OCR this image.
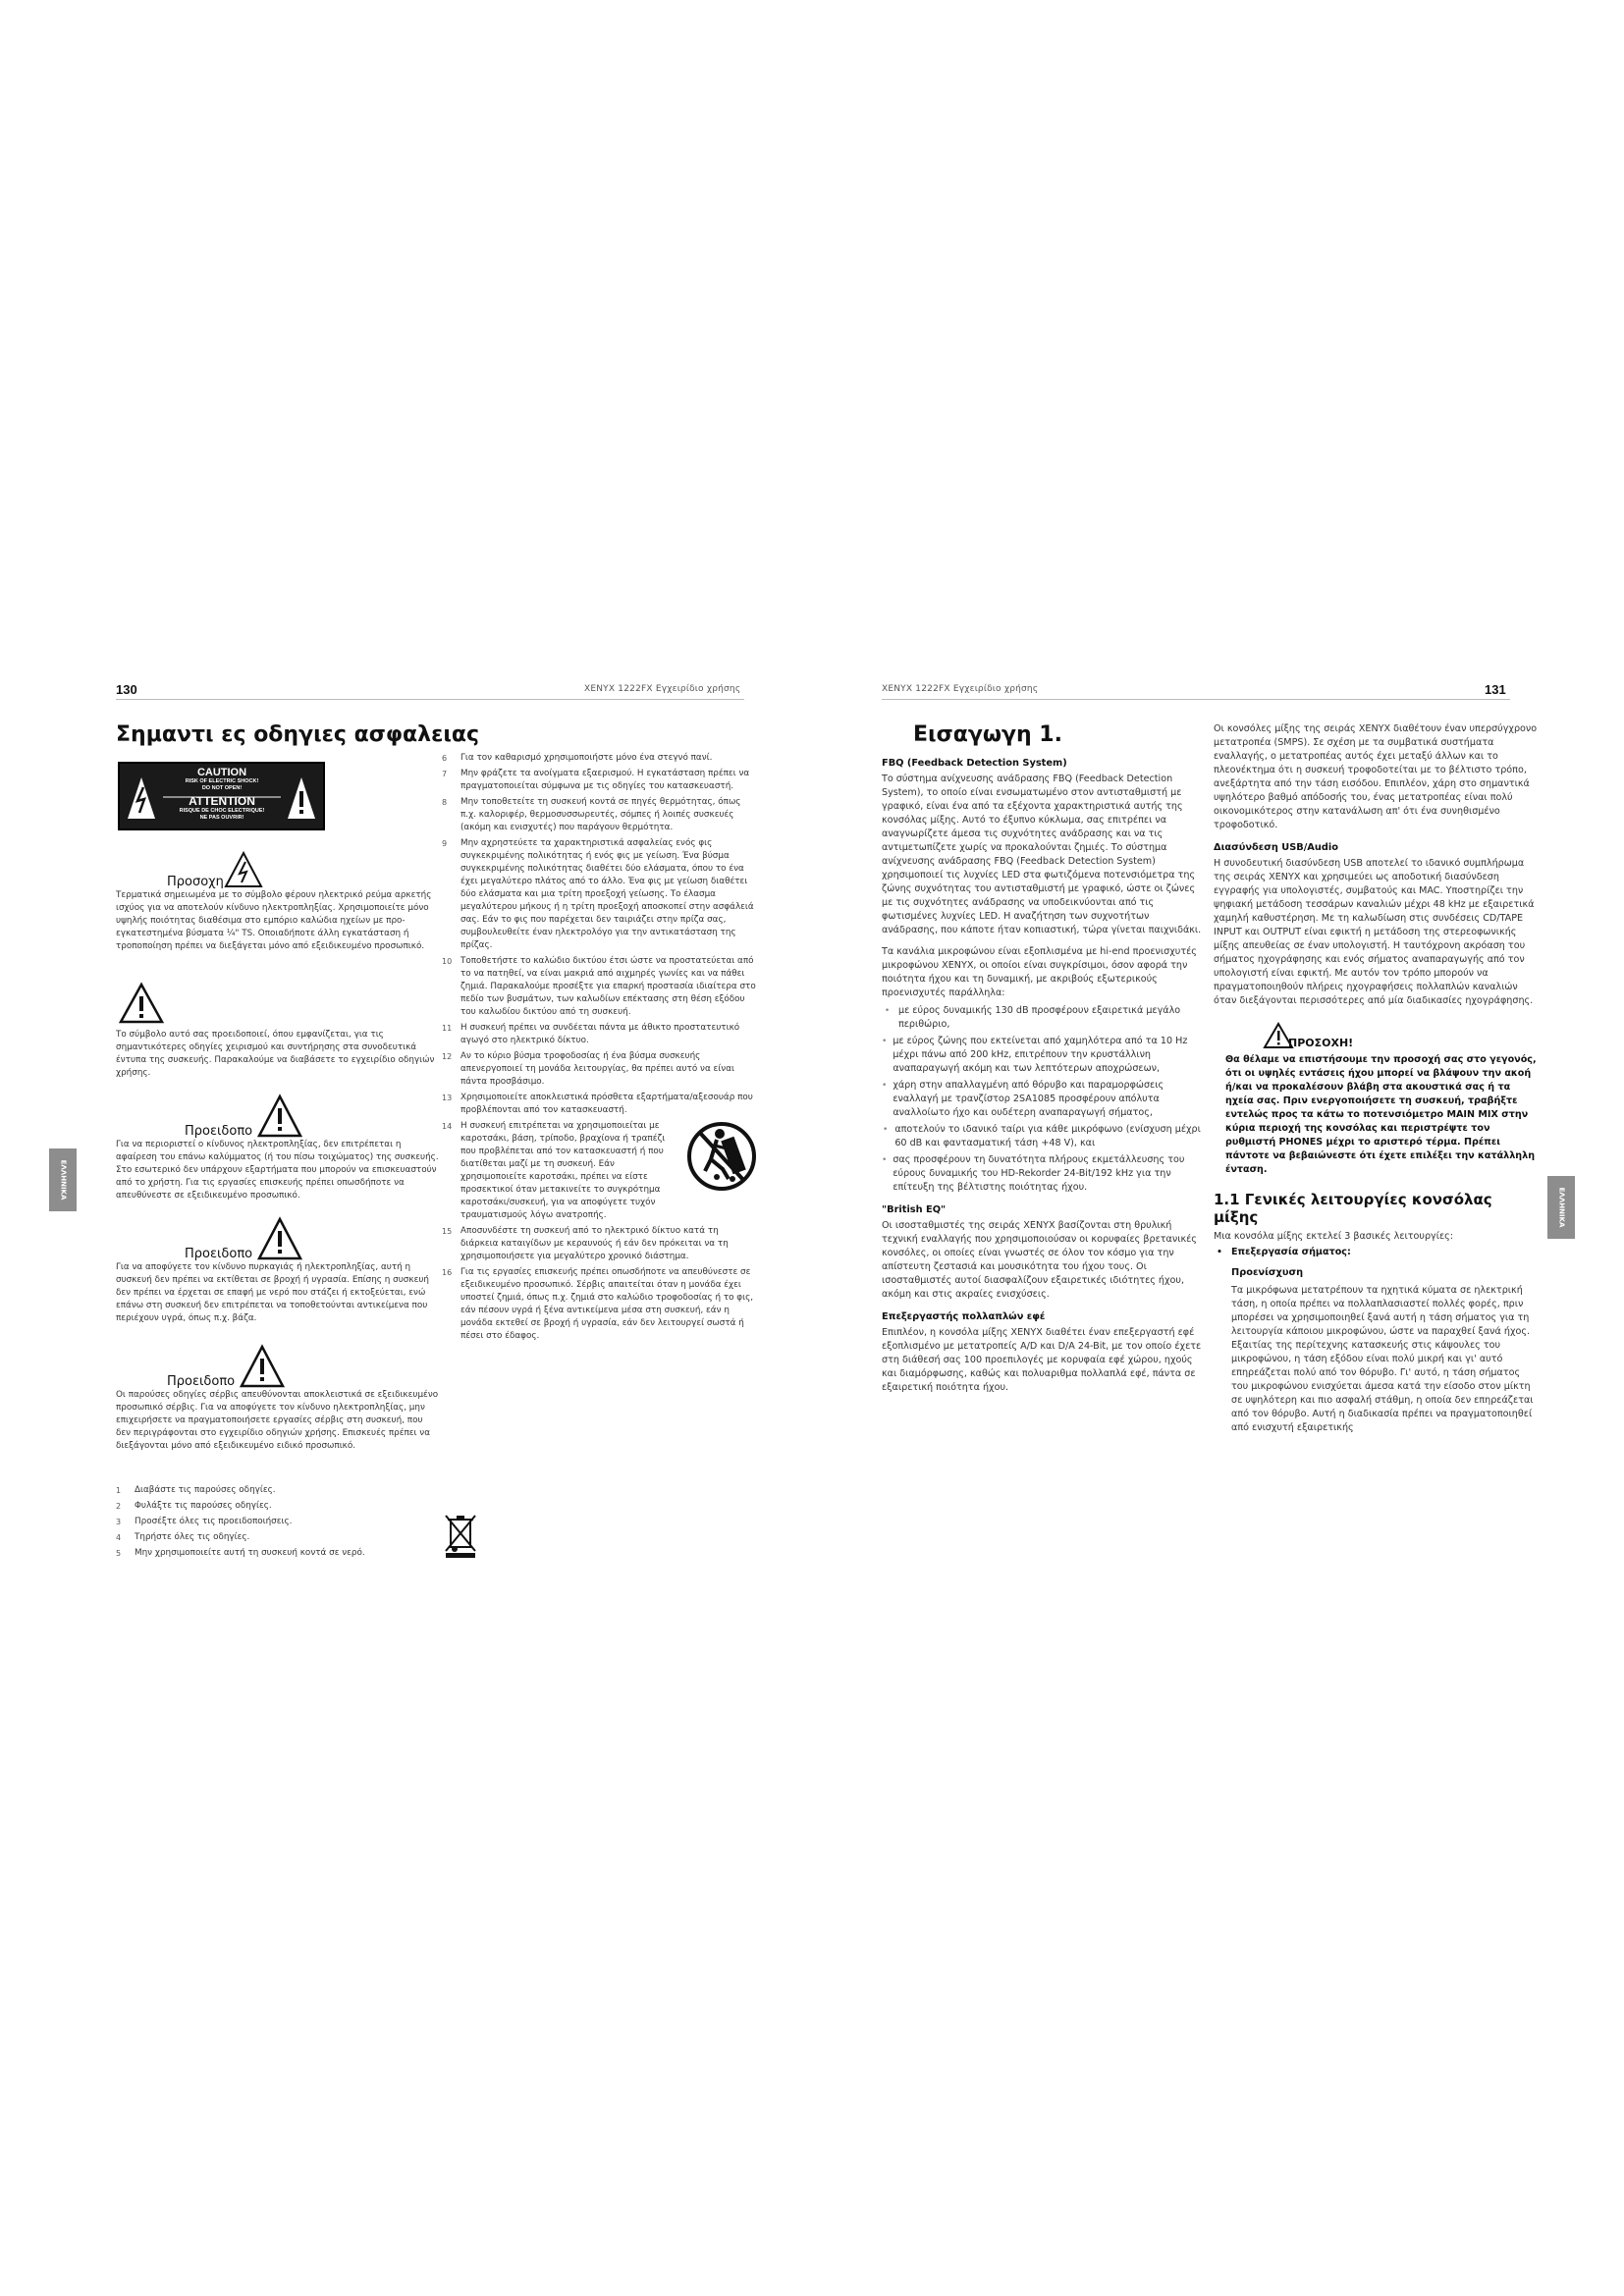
130	XENYX 1222FX Εγχειρίδιο χρήσης
Σημαντι ες οδηγιες ασφαλειας
CAUTION
RISK OF ELECTRIC SHOCK!
DO NOT OPEN!
ATTENTION
RISQUE DE CHOC ELECTRIQUE!
NE PAS OUVRIR!
Προσοχη

Τερματικά σημειωμένα με το σύμβολο φέρουν ηλεκτρικό ρεύμα αρκετής ισχύος για να αποτελούν κίνδυνο ηλεκτροπληξίας. Χρησιμοποιείτε μόνο υψηλής ποιότητας διαθέσιμα στο εμπόριο καλώδια ηχείων με προ-εγκατεστημένα βύσματα ¼" TS. Οποιαδήποτε άλλη εγκατάσταση ή τροποποίηση πρέπει να διεξάγεται μόνο από εξειδικευμένο προσωπικό.

Το σύμβολο αυτό σας προειδοποιεί, όπου εμφανίζεται, για τις σημαντικότερες οδηγίες χειρισμού και συντήρησης στα συνοδευτικά έντυπα της συσκευής. Παρακαλούμε να διαβάσετε το εγχειρίδιο οδηγιών χρήσης.

Προειδοπο

Για να περιοριστεί ο κίνδυνος ηλεκτροπληξίας, δεν επιτρέπεται η αφαίρεση του επάνω καλύμματος (ή του πίσω τοιχώματος) της συσκευής. Στο εσωτερικό δεν υπάρχουν εξαρτήματα που μπορούν να επισκευαστούν από το χρήστη. Για τις εργασίες επισκευής πρέπει οπωσδήποτε να απευθύνεστε σε εξειδικευμένο προσωπικό.

Προειδοπο

Για να αποφύγετε τον κίνδυνο πυρκαγιάς ή ηλεκτροπληξίας, αυτή η συσκευή δεν πρέπει να εκτίθεται σε βροχή ή υγρασία. Επίσης η συσκευή δεν πρέπει να έρχεται σε επαφή με νερό που στάζει ή εκτοξεύεται, ενώ επάνω στη συσκευή δεν επιτρέπεται να τοποθετούνται αντικείμενα που περιέχουν υγρά, όπως π.χ. βάζα.

Προειδοπο

Οι παρούσες οδηγίες σέρβις απευθύνονται αποκλειστικά σε εξειδικευμένο προσωπικό σέρβις. Για να αποφύγετε τον κίνδυνο ηλεκτροπληξίας, μην επιχειρήσετε να πραγματοποιήσετε εργασίες σέρβις στη συσκευή, που δεν περιγράφονται στο εγχειρίδιο οδηγιών χρήσης. Επισκευές πρέπει να διεξάγονται μόνο από εξειδικευμένο ειδικό προσωπικό.

1	Διαβάστε τις παρούσες οδηγίες.
2	Φυλάξτε τις παρούσες οδηγίες.
3	Προσέξτε όλες τις προειδοποιήσεις.
4	Τηρήστε όλες τις οδηγίες.
5	Μην χρησιμοποιείτε αυτή τη συσκευή κοντά σε νερό.
ΕΛΛΗΝΙΚΑ
6	Για τον καθαρισμό χρησιμοποιήστε μόνο ένα στεγνό πανί.
7	Μην φράζετε τα ανοίγματα εξαερισμού. Η εγκατάσταση πρέπει να πραγματοποιείται σύμφωνα με τις οδηγίες του κατασκευαστή.
8	Μην τοποθετείτε τη συσκευή κοντά σε πηγές θερμότητας, όπως π.χ. καλοριφέρ, θερμοσυσσωρευτές, σόμπες ή λοιπές συσκευές (ακόμη και ενισχυτές) που παράγουν θερμότητα.
9	Μην αχρηστεύετε τα χαρακτηριστικά ασφαλείας ενός φις συγκεκριμένης πολικότητας ή ενός φις με γείωση. Ένα βύσμα συγκεκριμένης πολικότητας διαθέτει δύο ελάσματα, όπου το ένα έχει μεγαλύτερο πλάτος από το άλλο. Ένα φις με γείωση διαθέτει δύο ελάσματα και μια τρίτη προεξοχή γείωσης. Το έλασμα μεγαλύτερου μήκους ή η τρίτη προεξοχή αποσκοπεί στην ασφάλειά σας. Εάν το φις που παρέχεται δεν ταιριάζει στην πρίζα σας, συμβουλευθείτε έναν ηλεκτρολόγο για την αντικατάσταση της πρίζας.
10	Τοποθετήστε το καλώδιο δικτύου έτσι ώστε να προστατεύεται από το να πατηθεί, να είναι μακριά από αιχμηρές γωνίες και να πάθει ζημιά. Παρακαλούμε προσέξτε για επαρκή προστασία ιδιαίτερα στο πεδίο των βυσμάτων, των καλωδίων επέκτασης στη θέση εξόδου του καλωδίου δικτύου από τη συσκευή.
11	Η συσκευή πρέπει να συνδέεται πάντα με άθικτο προστατευτικό αγωγό στο ηλεκτρικό δίκτυο.
12	Αν το κύριο βύσμα τροφοδοσίας ή ένα βύσμα συσκευής απενεργοποιεί τη μονάδα λειτουργίας, θα πρέπει αυτό να είναι πάντα προσβάσιμο.
13	Χρησιμοποιείτε αποκλειστικά πρόσθετα εξαρτήματα/αξεσουάρ που προβλέπονται από τον κατασκευαστή.
14	Η συσκευή επιτρέπεται να χρησιμοποιείται με καροτσάκι, βάση, τρίποδο, βραχίονα ή τραπέζι που προβλέπεται από τον κατασκευαστή ή που διατίθεται μαζί με τη συσκευή. Εάν χρησιμοποιείτε καροτσάκι, πρέπει να είστε προσεκτικοί όταν μετακινείτε το συγκρότημα καροτσάκι/συσκευή, για να αποφύγετε τυχόν τραυματισμούς λόγω ανατροπής.
15	Αποσυνδέστε τη συσκευή από το ηλεκτρικό δίκτυο κατά τη διάρκεια καταιγίδων με κεραυνούς ή εάν δεν πρόκειται να τη χρησιμοποιήσετε για μεγαλύτερο χρονικό διάστημα.
16	Για τις εργασίες επισκευής πρέπει οπωσδήποτε να απευθύνεστε σε εξειδικευμένο προσωπικό. Σέρβις απαιτείται όταν η μονάδα έχει υποστεί ζημιά, όπως π.χ. ζημιά στο καλώδιο τροφοδοσίας ή το φις, εάν πέσουν υγρά ή ξένα αντικείμενα μέσα στη συσκευή, εάν η μονάδα εκτεθεί σε βροχή ή υγρασία, εάν δεν λειτουργεί σωστά ή πέσει στο έδαφος.
XENYX 1222FX Εγχειρίδιο χρήσης	131
Εισαγωγη 1.

FBQ (Feedback Detection System)

Το σύστημα ανίχνευσης ανάδρασης FBQ (Feedback Detection System), το οποίο είναι ενσωματωμένο στον αντισταθμιστή με γραφικό, είναι ένα από τα εξέχοντα χαρακτηριστικά αυτής της κονσόλας μίξης. Αυτό το έξυπνο κύκλωμα, σας επιτρέπει να αναγνωρίζετε άμεσα τις συχνότητες ανάδρασης και να τις αντιμετωπίζετε χωρίς να προκαλούνται ζημιές. Το σύστημα ανίχνευσης ανάδρασης FBQ (Feedback Detection System) χρησιμοποιεί τις λυχνίες LED στα φωτιζόμενα ποτενσιόμετρα της ζώνης συχνότητας του αντισταθμιστή με γραφικό, ώστε οι ζώνες με τις συχνότητες ανάδρασης να υποδεικνύονται από τις φωτισμένες λυχνίες LED. Η αναζήτηση των συχνοτήτων ανάδρασης, που κάποτε ήταν κοπιαστική, τώρα γίνεται παιχνιδάκι.

Τα κανάλια μικροφώνου είναι εξοπλισμένα με hi-end προενισχυτές μικροφώνου XENYX, οι οποίοι είναι συγκρίσιμοι, όσον αφορά την ποιότητα ήχου και τη δυναμική, με ακριβούς εξωτερικούς προενισχυτές παράλληλα:

• με εύρος δυναμικής 130 dB προσφέρουν εξαιρετικά μεγάλο περιθώριο,
• με εύρος ζώνης που εκτείνεται από χαμηλότερα από τα 10 Hz μέχρι πάνω από 200 kHz, επιτρέπουν την κρυστάλλινη αναπαραγωγή ακόμη και των λεπτότερων αποχρώσεων,
• χάρη στην απαλλαγμένη από θόρυβο και παραμορφώσεις εναλλαγή με τρανζίστορ 2SA1085 προσφέρουν απόλυτα αναλλοίωτο ήχο και ουδέτερη αναπαραγωγή σήματος,
• αποτελούν το ιδανικό ταίρι για κάθε μικρόφωνο (ενίσχυση μέχρι 60 dB και φαντασματική τάση +48 V), και
• σας προσφέρουν τη δυνατότητα πλήρους εκμετάλλευσης του εύρους δυναμικής του HD-Rekorder 24-Bit/192 kHz για την επίτευξη της βέλτιστης ποιότητας ήχου.

"British EQ"

Οι ισοσταθμιστές της σειράς XENYX βασίζονται στη θρυλική τεχνική εναλλαγής που χρησιμοποιούσαν οι κορυφαίες βρετανικές κονσόλες, οι οποίες είναι γνωστές σε όλον τον κόσμο για την απίστευτη ζεστασιά και μουσικότητα του ήχου τους. Οι ισοσταθμιστές αυτοί διασφαλίζουν εξαιρετικές ιδιότητες ήχου, ακόμη και στις ακραίες ενισχύσεις.

Επεξεργαστής πολλαπλών εφέ

Επιπλέον, η κονσόλα μίξης XENYX διαθέτει έναν επεξεργαστή εφέ εξοπλισμένο με μετατροπείς A/D και D/A 24-Bit, με τον οποίο έχετε στη διάθεσή σας 100 προεπιλογές με κορυφαία εφέ χώρου, ηχούς και διαμόρφωσης, καθώς και πολυαριθμα πολλαπλά εφέ, πάντα σε εξαιρετική ποιότητα ήχου.

Οι κονσόλες μίξης της σειράς XENYX διαθέτουν έναν υπερσύγχρονο μετατροπέα (SMPS). Σε σχέση με τα συμβατικά συστήματα εναλλαγής, ο μετατροπέας αυτός έχει μεταξύ άλλων και το πλεονέκτημα ότι η συσκευή τροφοδοτείται με το βέλτιστο τρόπο, ανεξάρτητα από την τάση εισόδου. Επιπλέον, χάρη στο σημαντικά υψηλότερο βαθμό απόδοσής του, ένας μετατροπέας είναι πολύ οικονομικότερος στην κατανάλωση απ' ότι ένα συνηθισμένο τροφοδοτικό.

Διασύνδεση USB/Audio

Η συνοδευτική διασύνδεση USB αποτελεί το ιδανικό συμπλήρωμα της σειράς XENYX και χρησιμεύει ως αποδοτική διασύνδεση εγγραφής για υπολογιστές, συμβατούς και MAC. Υποστηρίζει την ψηφιακή μετάδοση τεσσάρων καναλιών μέχρι 48 kHz με εξαιρετικά χαμηλή καθυστέρηση. Με τη καλωδίωση στις συνδέσεις CD/TAPE INPUT και OUTPUT είναι εφικτή η μετάδοση της στερεοφωνικής μίξης απευθείας σε έναν υπολογιστή. Η ταυτόχρονη ακρόαση του σήματος ηχογράφησης και ενός σήματος αναπαραγωγής από τον υπολογιστή είναι εφικτή. Με αυτόν τον τρόπο μπορούν να πραγματοποιηθούν πλήρεις ηχογραφήσεις πολλαπλών καναλιών όταν διεξάγονται περισσότερες από μία διαδικασίες ηχογράφησης.

ΠΡΟΣΟΧΗ!

Θα θέλαμε να επιστήσουμε την προσοχή σας στο γεγονός, ότι οι υψηλές εντάσεις ήχου μπορεί να βλάψουν την ακοή ή/και να προκαλέσουν βλάβη στα ακουστικά σας ή τα ηχεία σας. Πριν ενεργοποιήσετε τη συσκευή, τραβήξτε εντελώς προς τα κάτω το ποτενσιόμετρο MAIN MIX στην κύρια περιοχή της κονσόλας και περιστρέψτε τον ρυθμιστή PHONES μέχρι το αριστερό τέρμα. Πρέπει πάντοτε να βεβαιώνεστε ότι έχετε επιλέξει την κατάλληλη ένταση.

1.1 Γενικές λειτουργίες κονσόλας μίξης

Μια κονσόλα μίξης εκτελεί 3 βασικές λειτουργίες:

• Επεξεργασία σήματος:

Προενίσχυση

Τα μικρόφωνα μετατρέπουν τα ηχητικά κύματα σε ηλεκτρική τάση, η οποία πρέπει να πολλαπλασιαστεί πολλές φορές, πριν μπορέσει να χρησιμοποιηθεί ξανά αυτή η τάση σήματος για τη λειτουργία κάποιου μικροφώνου, ώστε να παραχθεί ξανά ήχος. Εξαιτίας της περίτεχνης κατασκευής στις κάψουλες του μικροφώνου, η τάση εξόδου είναι πολύ μικρή και γι' αυτό επηρεάζεται πολύ από τον θόρυβο. Γι' αυτό, η τάση σήματος του μικροφώνου ενισχύεται άμεσα κατά την είσοδο στον μίκτη σε υψηλότερη και πιο ασφαλή στάθμη, η οποία δεν επηρεάζεται από τον θόρυβο. Αυτή η διαδικασία πρέπει να πραγματοποιηθεί από ενισχυτή εξαιρετικής

ΕΛΛΗΝΙΚΑ
